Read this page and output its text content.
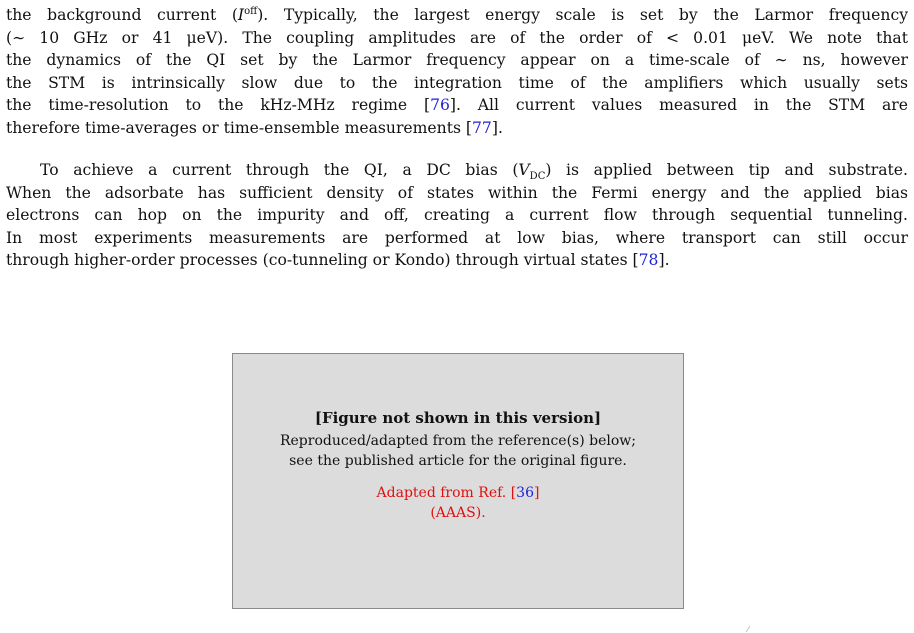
the background current $(I^{off})$. Typically, the largest energy scale is set by the Larmor frequency
(∼ 10 GHz or 41 μeV). The coupling amplitudes are of the order of < 0.01 μeV. We note that
the dynamics of the QI set by the Larmor frequency appear on a time-scale of ∼ ns, however
the STM is intrinsically slow due to the integration time of the amplifiers which usually sets
the time-resolution to the kHz-MHz regime [76]. All current values measured in the STM are
therefore time-averages or time-ensemble measurements [77].
To achieve a current through the QI, a DC bias $(V_{DC})$ is applied between tip and substrate.
When the adsorbate has sufficient density of states within the Fermi energy and the applied bias
electrons can hop on the impurity and off, creating a current flow through sequential tunneling.
In most experiments measurements are performed at low bias, where transport can still occur
through higher-order processes (co-tunneling or Kondo) through virtual states [78].
[Figure not shown in this version]
Reproduced/adapted from the reference(s) below;
see the published article for the original figure.
Adapted from Ref. [36]
(AAAS).
